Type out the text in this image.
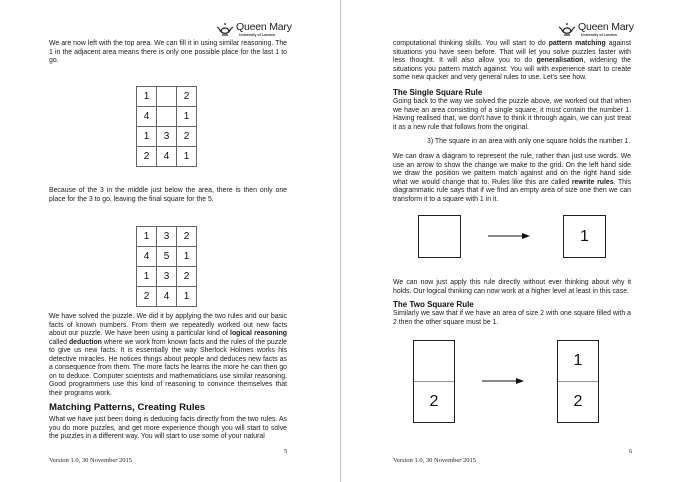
Queen Mary
University of London

We are now left with the top area. We can fill it in using similar reasoning. The 1 in the adjacent area means there is only one possible place for the last 1 to go.

1		2
4		1
1	3	2
2	4	1

Because of the 3 in the middle just below the area, there is then only one place for the 3 to go, leaving the final square for the 5.

1	3	2
4	5	1
1	3	2
2	4	1

We have solved the puzzle. We did it by applying the two rules and our basic facts of known numbers. From them we repeatedly worked out new facts about our puzzle. We have been using a particular kind of logical reasoning called deduction where we work from known facts and the rules of the puzzle to give us new facts. It is essentially the way Sherlock Holmes works his detective miracles. He notices things about people and deduces new facts as a consequence from them. The more facts he learns the more he can then go on to deduce. Computer scientists and mathematicians use similar reasoning. Good programmers use this kind of reasoning to convince themselves that their programs work.

Matching Patterns, Creating Rules

What we have just been doing is deducing facts directly from the two rules. As you do more puzzles, and get more experience though you will start to solve the puzzles in a different way. You will start to use some of your natural

5
Version 1.0, 30 November 2015
Queen Mary
University of London

computational thinking skills. You will start to do pattern matching against situations you have seen before. That will let you solve puzzles faster with less thought. It will also allow you to do generalisation, widening the situations you pattern match against. You will with experience start to create some new quicker and very general rules to use. Let's see how.

The Single Square Rule

Going back to the way we solved the puzzle above, we worked out that when we have an area consisting of a single square, it must contain the number 1. Having realised that, we don't have to think it through again, we can just treat it as a new rule that follows from the original.

3) The square in an area with only one square holds the number 1.

We can draw a diagram to represent the rule, rather than just use words. We use an arrow to show the change we make to the grid. On the left hand side we draw the position we pattern match against and on the right hand side what we would change that to. Rules like this are called rewrite rules. This diagrammatic rule says that if we find an empty area of size one then we can transform it to a square with 1 in it.

1

We can now just apply this rule directly without ever thinking about why it holds. Our logical thinking can now work at a higher level at least in this case.

The Two Square Rule

Similarly we saw that if we have an area of size 2 with one square filled with a 2 then the other square must be 1.

2
1
2
6
Version 1.0, 30 November 2015
